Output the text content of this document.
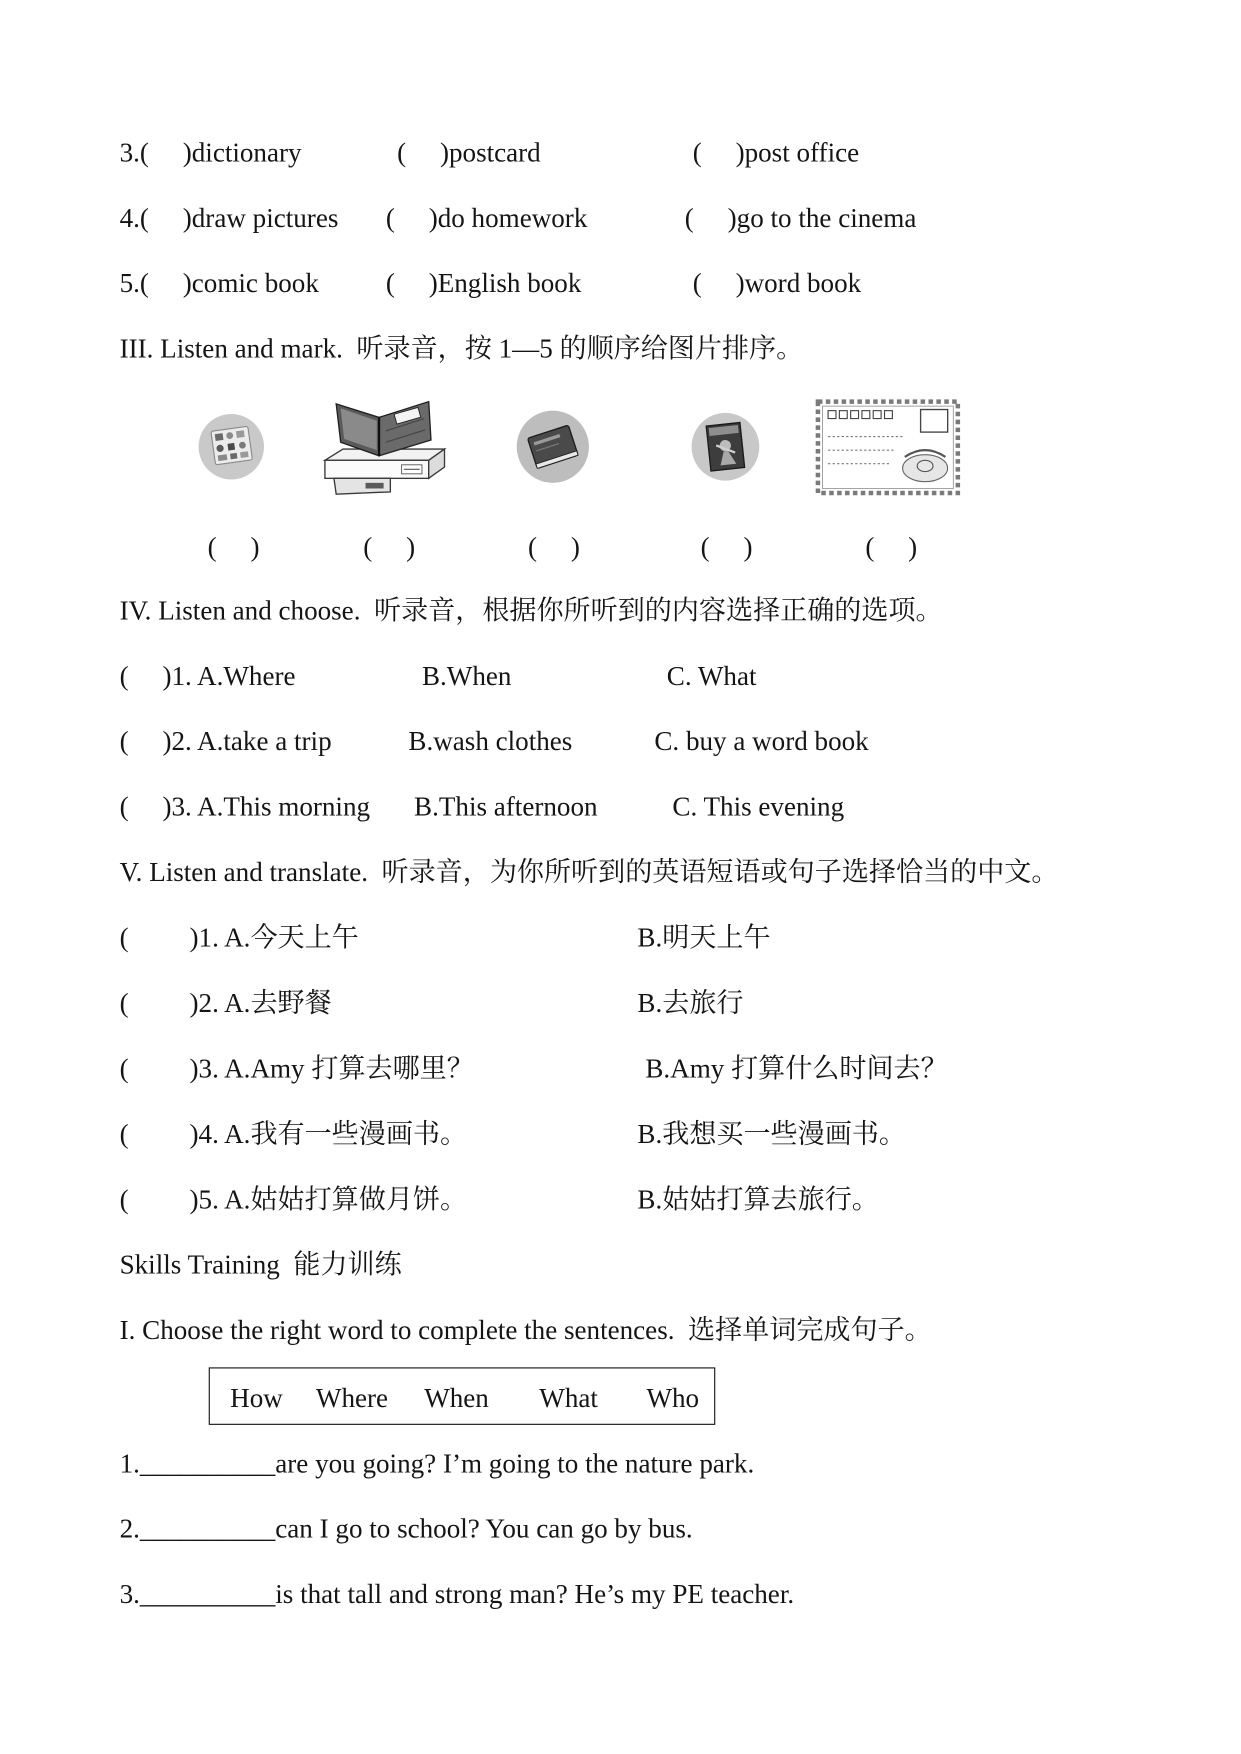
3.(     )dictionary	(     )postcard	(     )post office
4.(     )draw pictures (     )do homework	(     )go to the cinema
5.(     )comic book	(     )English book	(     )word book
III. Listen and mark.  听录音，按 1—5 的顺序给图片排序。
(     )	(     )	(     )	(     )	(     )
IV. Listen and choose.  听录音，根据你所听到的内容选择正确的选项。
(     )1. A.Where	B.When	C. What
(     )2. A.take a trip	B.wash clothes	C. buy a word book
(     )3. A.This morning B.This afternoon	C. This evening
V. Listen and translate.  听录音，为你所听到的英语短语或句子选择恰当的中文。
(         )1. A.今天上午	B.明天上午
(         )2. A.去野餐	B.去旅行
(         )3. A.Amy 打算去哪里？	B.Amy 打算什么时间去？
(         )4. A.我有一些漫画书。	B.我想买一些漫画书。
(         )5. A.姑姑打算做月饼。	B.姑姑打算去旅行。
Skills Training  能力训练
I. Choose the right word to complete the sentences.  选择单词完成句子。
How Where When What Who
1.__________are you going? I’m going to the nature park.
2.__________can I go to school? You can go by bus.
3.__________is that tall and strong man? He’s my PE teacher.
